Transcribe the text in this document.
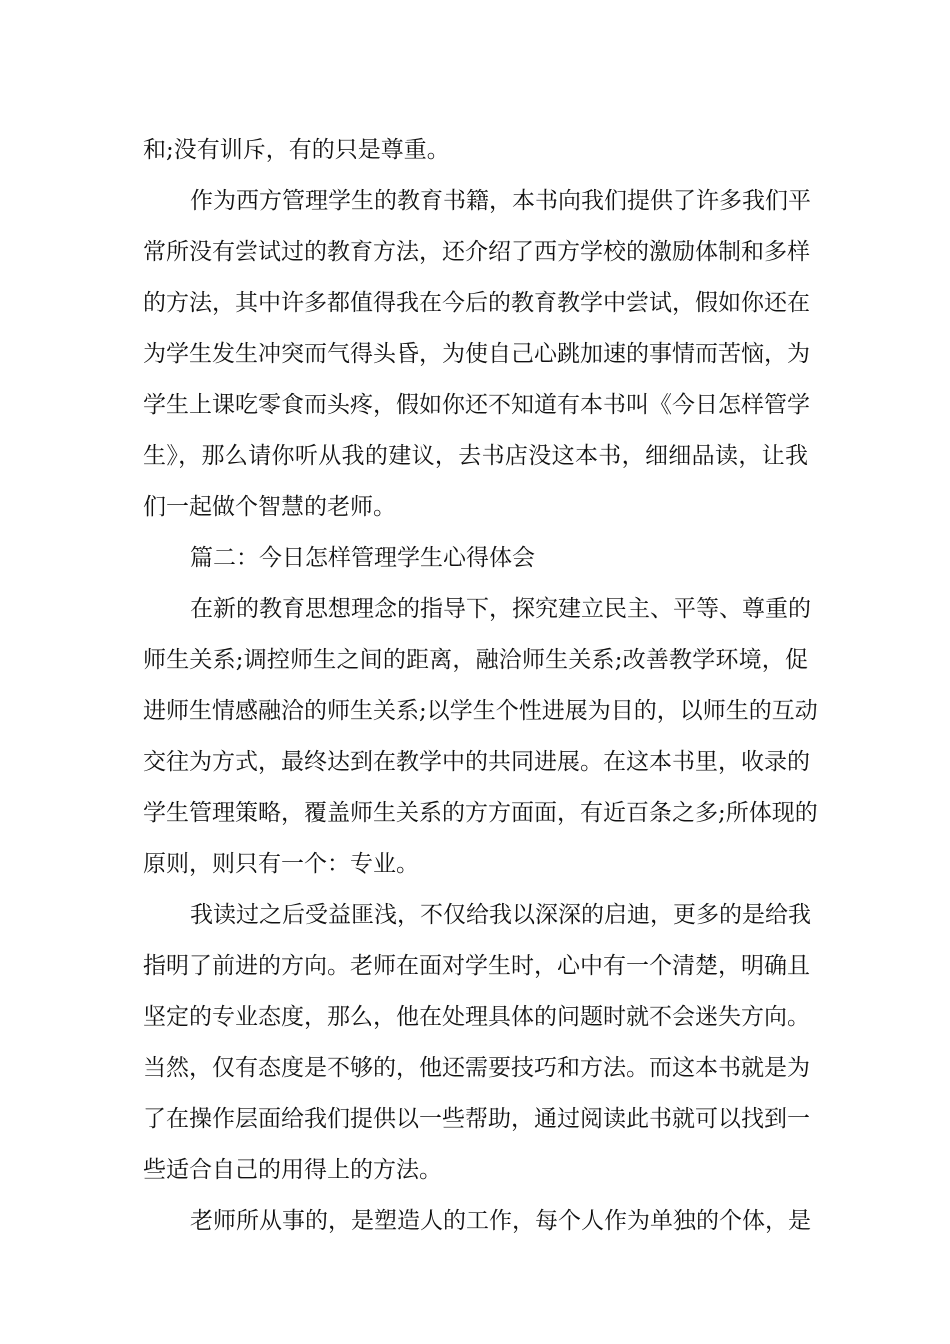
和;没有训斥，有的只是尊重。
作为西方管理学生的教育书籍，本书向我们提供了许多我们平
常所没有尝试过的教育方法，还介绍了西方学校的激励体制和多样
的方法，其中许多都值得我在今后的教育教学中尝试，假如你还在
为学生发生冲突而气得头昏，为使自己心跳加速的事情而苦恼，为
学生上课吃零食而头疼，假如你还不知道有本书叫《今日怎样管学
生》，那么请你听从我的建议，去书店没这本书，细细品读，让我
们一起做个智慧的老师。
篇二：今日怎样管理学生心得体会
在新的教育思想理念的指导下，探究建立民主、平等、尊重的
师生关系;调控师生之间的距离，融洽师生关系;改善教学环境，促
进师生情感融洽的师生关系;以学生个性进展为目的，以师生的互动
交往为方式，最终达到在教学中的共同进展。在这本书里，收录的
学生管理策略，覆盖师生关系的方方面面，有近百条之多;所体现的
原则，则只有一个：专业。
我读过之后受益匪浅，不仅给我以深深的启迪，更多的是给我
指明了前进的方向。老师在面对学生时，心中有一个清楚，明确且
坚定的专业态度，那么，他在处理具体的问题时就不会迷失方向。
当然，仅有态度是不够的，他还需要技巧和方法。而这本书就是为
了在操作层面给我们提供以一些帮助，通过阅读此书就可以找到一
些适合自己的用得上的方法。
老师所从事的，是塑造人的工作，每个人作为单独的个体，是
